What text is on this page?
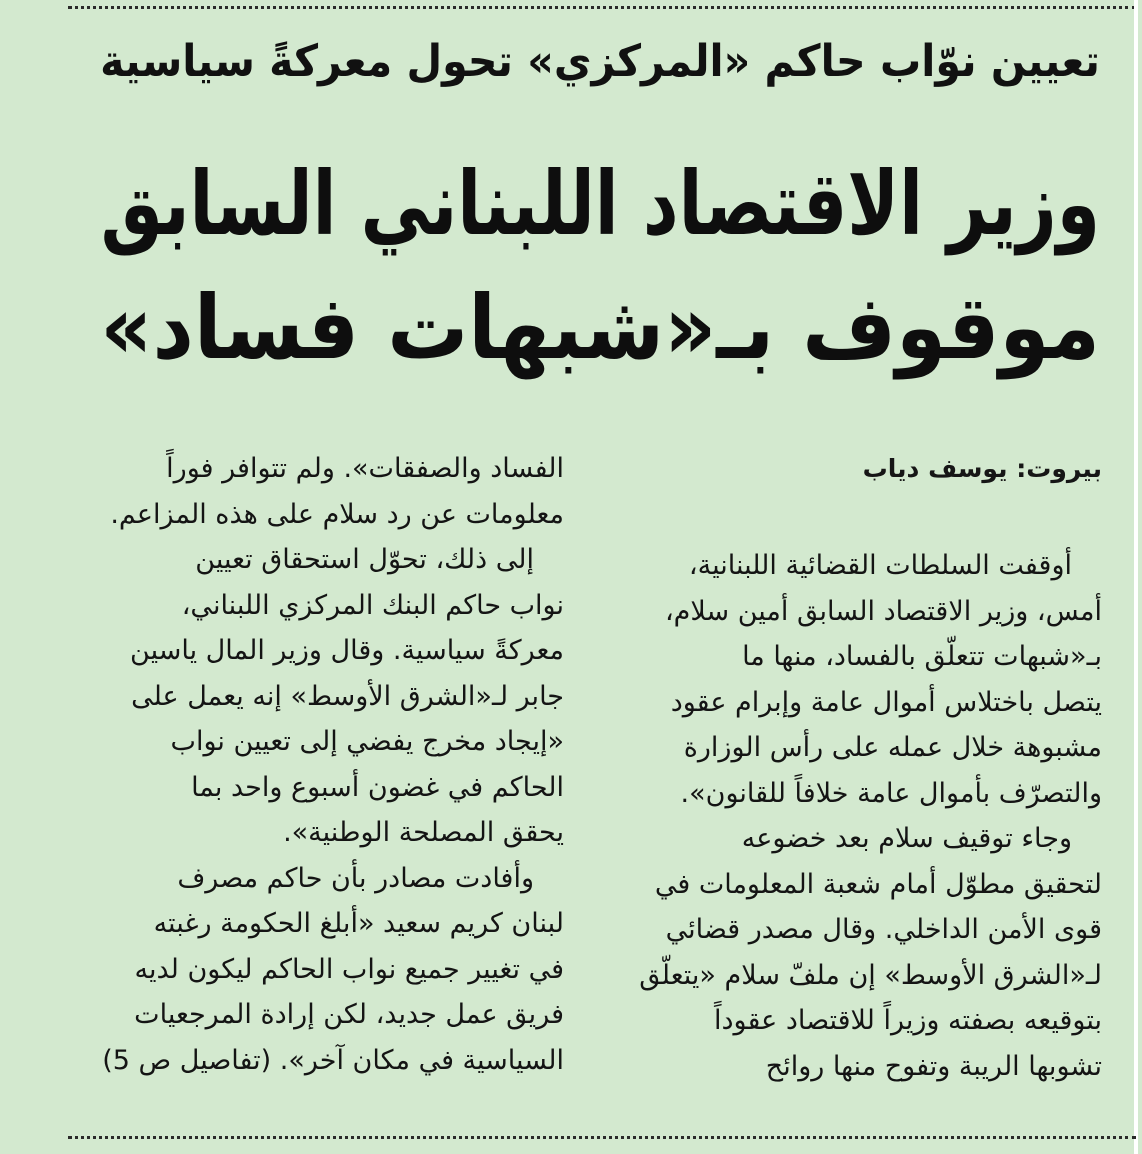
تعيين نوّاب حاكم «المركزي» تحول معركةً سياسية
وزير الاقتصاد اللبناني السابق
موقوف بـ«شبهات فساد»
بيروت: يوسف دياب
أوقفت السلطات القضائية اللبنانية،
أمس، وزير الاقتصاد السابق أمين سلام،
بـ«شبهات تتعلّق بالفساد، منها ما
يتصل باختلاس أموال عامة وإبرام عقود
مشبوهة خلال عمله على رأس الوزارة
والتصرّف بأموال عامة خلافاً للقانون».
وجاء توقيف سلام بعد خضوعه
لتحقيق مطوّل أمام شعبة المعلومات في
قوى الأمن الداخلي. وقال مصدر قضائي
لـ«الشرق الأوسط» إن ملفّ سلام «يتعلّق
بتوقيعه بصفته وزيراً للاقتصاد عقوداً
تشوبها الريبة وتفوح منها روائح
الفساد والصفقات». ولم تتوافر فوراً
معلومات عن رد سلام على هذه المزاعم.
إلى ذلك، تحوّل استحقاق تعيين
نواب حاكم البنك المركزي اللبناني،
معركةً سياسية. وقال وزير المال ياسين
جابر لـ«الشرق الأوسط» إنه يعمل على
«إيجاد مخرج يفضي إلى تعيين نواب
الحاكم في غضون أسبوع واحد بما
يحقق المصلحة الوطنية».
وأفادت مصادر بأن حاكم مصرف
لبنان كريم سعيد «أبلغ الحكومة رغبته
في تغيير جميع نواب الحاكم ليكون لديه
فريق عمل جديد، لكن إرادة المرجعيات
السياسية في مكان آخر». (تفاصيل ص 5)
